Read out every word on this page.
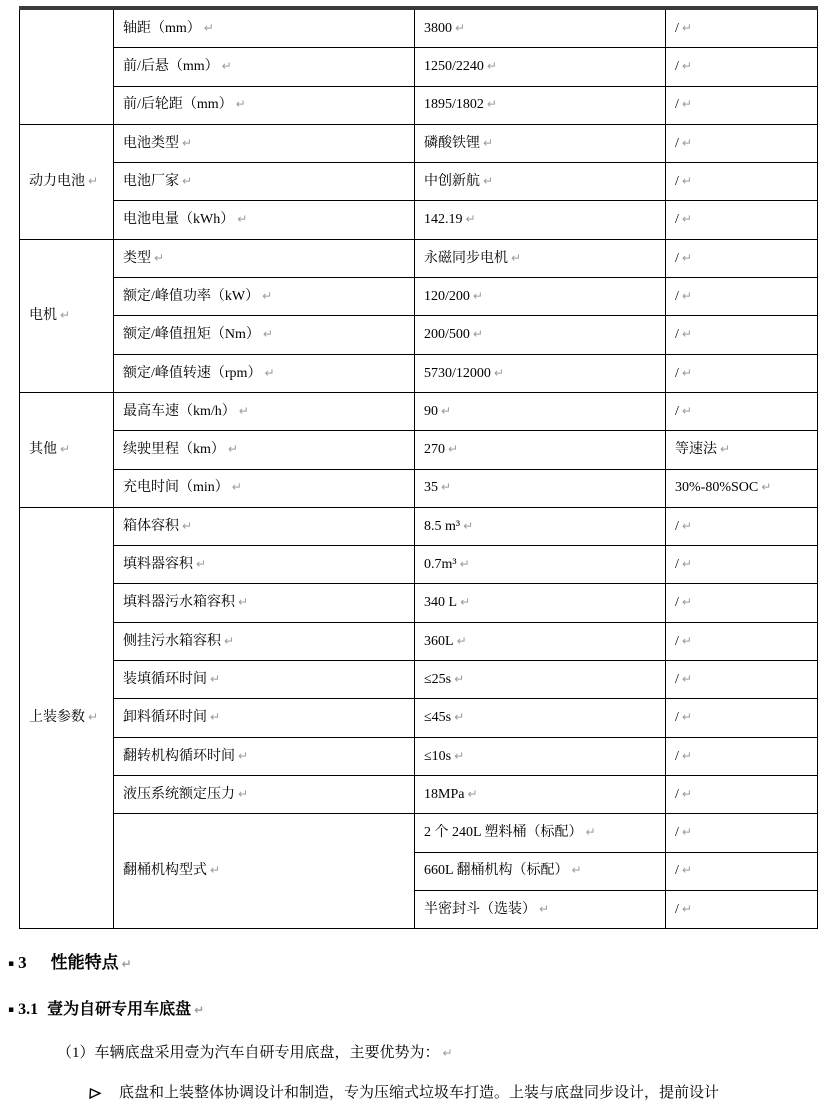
	轴距（mm） ↵	3800 ↵	/ ↵
	前/后悬（mm） ↵	1250/2240 ↵	/ ↵
	前/后轮距（mm） ↵	1895/1802 ↵	/ ↵
动力电池 ↵	电池类型 ↵	磷酸铁锂 ↵	/ ↵
	电池厂家 ↵	中创新航 ↵	/ ↵
	电池电量（kWh） ↵	142.19 ↵	/ ↵
电机 ↵	类型 ↵	永磁同步电机 ↵	/ ↵
	额定/峰值功率（kW） ↵	120/200 ↵	/ ↵
	额定/峰值扭矩（Nm） ↵	200/500 ↵	/ ↵
	额定/峰值转速（rpm） ↵	5730/12000 ↵	/ ↵
其他 ↵	最高车速（km/h） ↵	90 ↵	/ ↵
	续驶里程（km） ↵	270 ↵	等速法 ↵
	充电时间（min） ↵	35 ↵	30%-80%SOC ↵
上装参数 ↵	箱体容积 ↵	8.5 m³ ↵	/ ↵
	填料器容积 ↵	0.7m³ ↵	/ ↵
	填料器污水箱容积 ↵	340 L ↵	/ ↵
	侧挂污水箱容积 ↵	360L ↵	/ ↵
	装填循环时间 ↵	≤25s ↵	/ ↵
	卸料循环时间 ↵	≤45s ↵	/ ↵
	翻转机构循环时间 ↵	≤10s ↵	/ ↵
	液压系统额定压力 ↵	18MPa ↵	/ ↵
	翻桶机构型式 ↵	2 个 240L 塑料桶（标配） ↵	/ ↵
		660L 翻桶机构（标配） ↵	/ ↵
		半密封斗（选装） ↵	/ ↵
▪ 3 性能特点 ↵
▪ 3.1 壹为自研专用车底盘 ↵
（1）车辆底盘采用壹为汽车自研专用底盘，主要优势为： ↵
底盘和上装整体协调设计和制造，专为压缩式垃圾车打造。上装与底盘同步设计，提前设计
